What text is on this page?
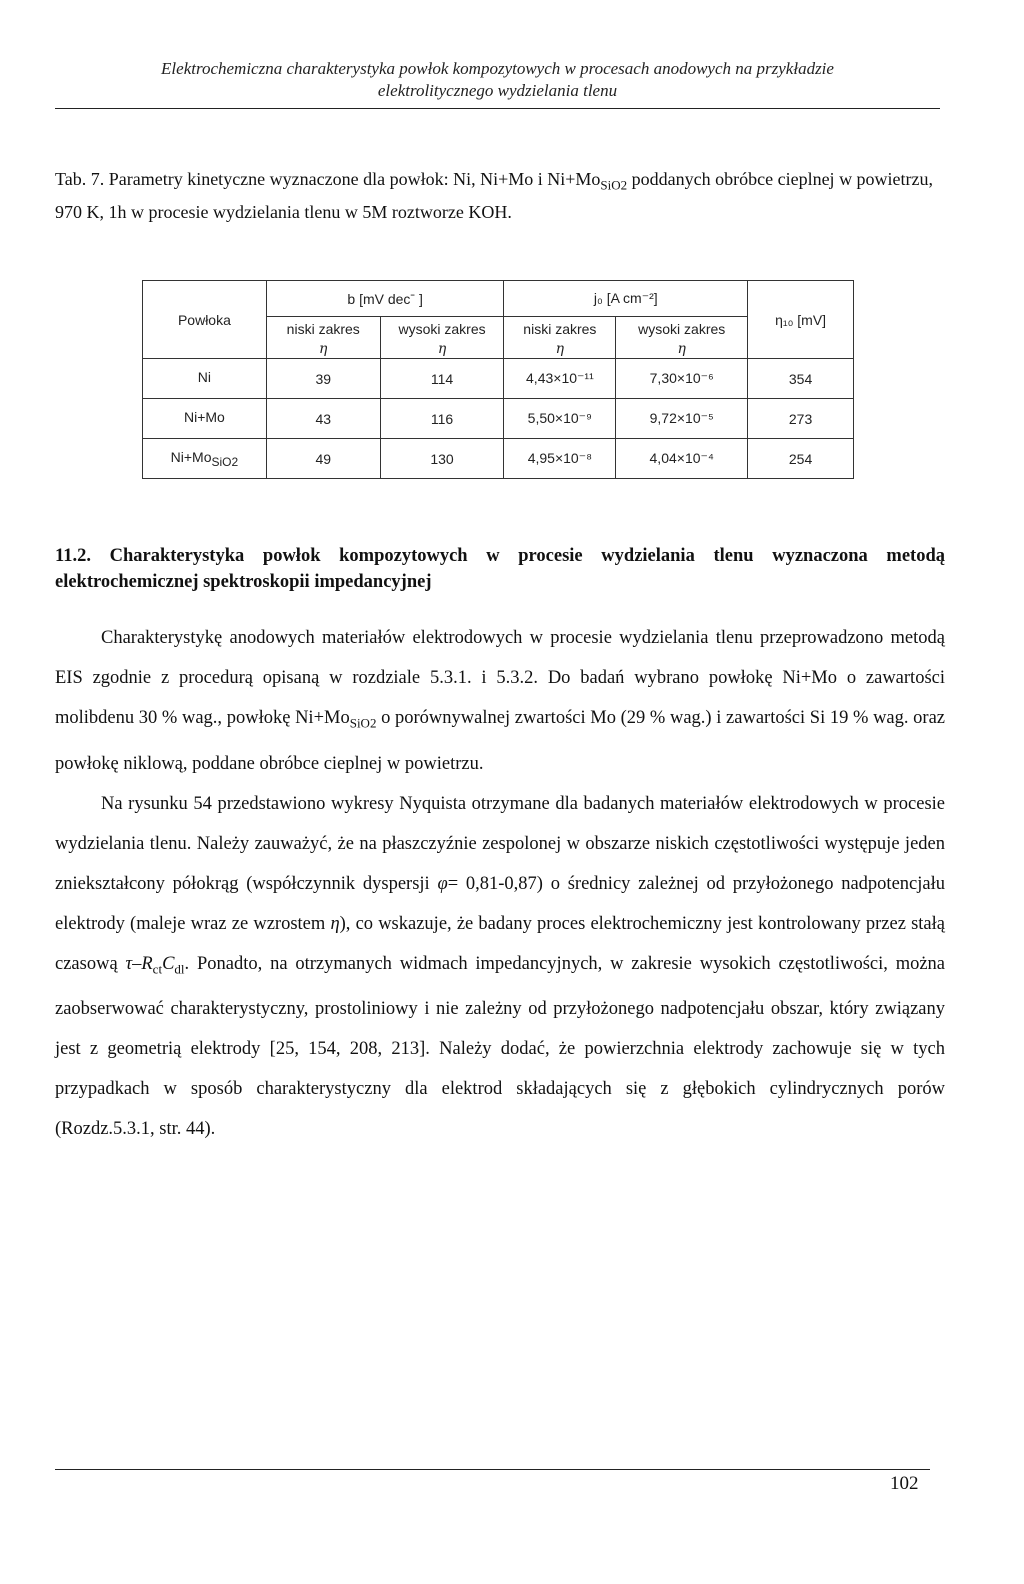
Elektrochemiczna charakterystyka powłok kompozytowych w procesach anodowych na przykładzie
elektrolitycznego wydzielania tlenu
Tab. 7. Parametry kinetyczne wyznaczone dla powłok: Ni, Ni+Mo i $Ni+Mo_{SiO2}$ poddanych obróbce cieplnej w powietrzu, 970 K, 1h w procesie wydzielania tlenu w 5M roztworze KOH.
Powłoka	b [mV decˉ ]		j₀ [A cm⁻²]		η₁₀ [mV]
	niski zakres	wysoki zakres	niski zakres	wysoki zakres	
	η	η	η	η	
Ni	39	114	4,43×10⁻¹¹	7,30×10⁻⁶	354
Ni+Mo	43	116	5,50×10⁻⁹	9,72×10⁻⁵	273
Ni+MoSiO2	49	130	4,95×10⁻⁸	4,04×10⁻⁴	254
11.2. Charakterystyka powłok kompozytowych w procesie wydzielania tlenu wyznaczona metodą elektrochemicznej spektroskopii impedancyjnej

Charakterystykę anodowych materiałów elektrodowych w procesie wydzielania tlenu przeprowadzono metodą EIS zgodnie z procedurą opisaną w rozdziale 5.3.1. i 5.3.2. Do badań wybrano powłokę Ni+Mo o zawartości molibdenu 30 % wag., powłokę $Ni+Mo_{SiO2}$ o porównywalnej zwartości Mo (29 % wag.) i zawartości Si 19 % wag. oraz powłokę niklową, poddane obróbce cieplnej w powietrzu.

Na rysunku 54 przedstawiono wykresy Nyquista otrzymane dla badanych materiałów elektrodowych w procesie wydzielania tlenu. Należy zauważyć, że na płaszczyźnie zespolonej w obszarze niskich częstotliwości występuje jeden zniekształcony półokrąg (współczynnik dyspersji φ= 0,81-0,87) o średnicy zależnej od przyłożonego nadpotencjału elektrody (maleje wraz ze wzrostem η), co wskazuje, że badany proces elektrochemiczny jest kontrolowany przez stałą czasową $\tau-R_{ct}C_{dl}$. Ponadto, na otrzymanych widmach impedancyjnych, w zakresie wysokich częstotliwości, można zaobserwować charakterystyczny, prostoliniowy i nie zależny od przyłożonego nadpotencjału obszar, który związany jest z geometrią elektrody [25, 154, 208, 213]. Należy dodać, że powierzchnia elektrody zachowuje się w tych przypadkach w sposób charakterystyczny dla elektrod składających się z głębokich cylindrycznych porów (Rozdz.5.3.1, str. 44).

102
